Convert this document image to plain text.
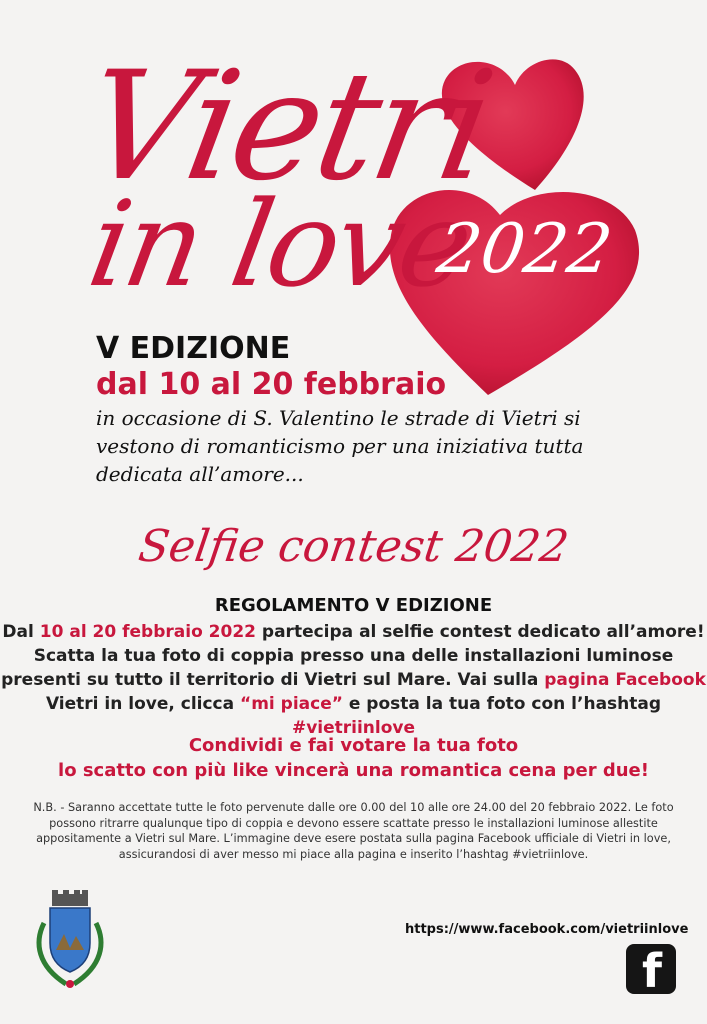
Vietri
in love
2022
V EDIZIONE
dal 10 al 20 febbraio
in occasione di S. Valentino le strade di Vietri si vestono di romanticismo per una iniziativa tutta dedicata all’amore...
Selfie contest 2022
REGOLAMENTO V EDIZIONE
Dal 10 al 20 febbraio 2022 partecipa al selfie contest dedicato all’amore! Scatta la tua foto di coppia presso una delle installazioni luminose presenti su tutto il territorio di Vietri sul Mare. Vai sulla pagina Facebook Vietri in love, clicca “mi piace” e posta la tua foto con l’hashtag #vietriinlove
Condividi e fai votare la tua foto
lo scatto con più like vincerà una romantica cena per due!
N.B. - Saranno accettate tutte le foto pervenute dalle ore 0.00 del 10 alle ore 24.00 del 20 febbraio 2022. Le foto possono ritrarre qualunque tipo di coppia e devono essere scattate presso le installazioni luminose allestite appositamente a Vietri sul Mare. L’immagine deve esere postata sulla pagina Facebook ufficiale di Vietri in love, assicurandosi di aver messo mi piace alla pagina e inserito l’hashtag #vietriinlove.
https://www.facebook.com/vietriinlove
f
